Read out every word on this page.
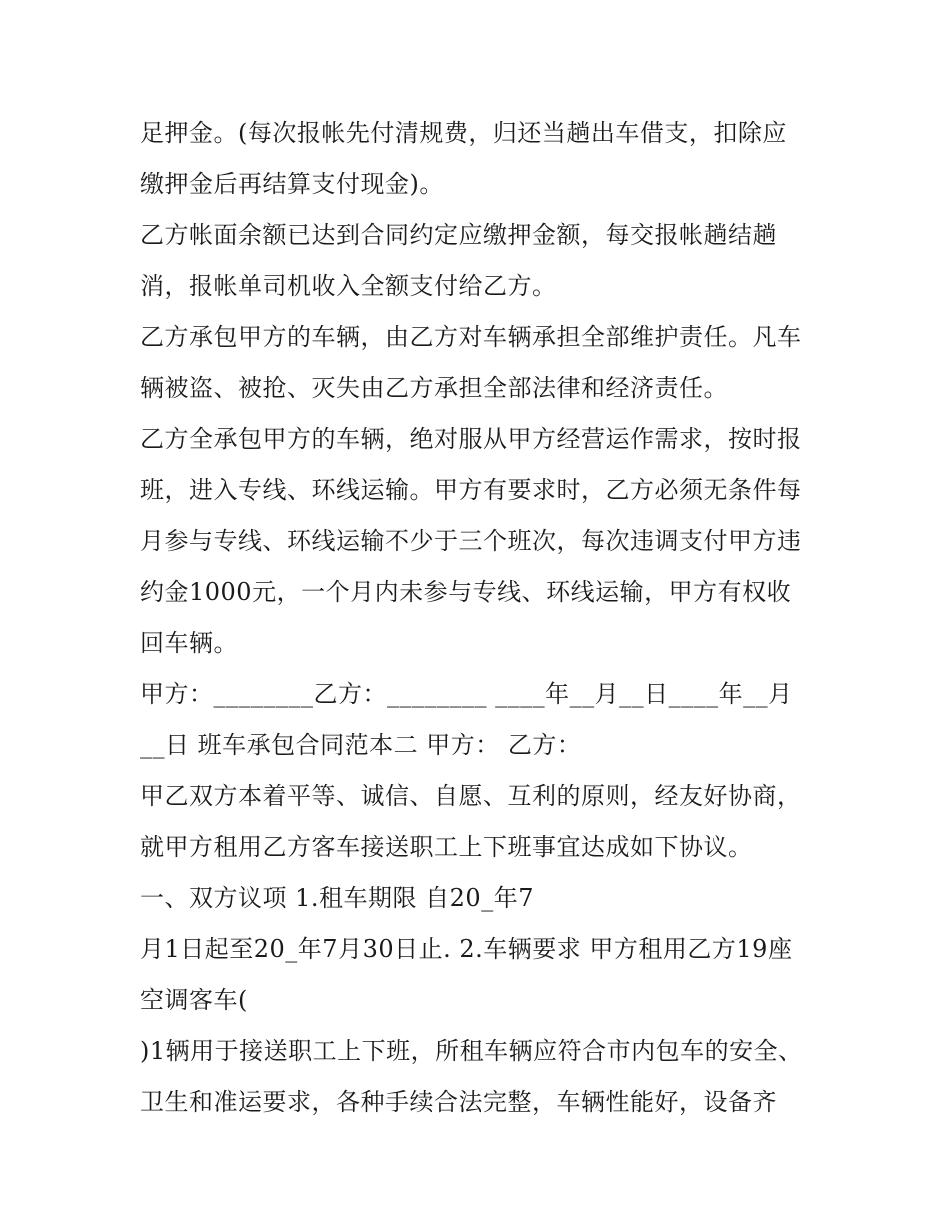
足押金。(每次报帐先付清规费，归还当趟出车借支，扣除应
缴押金后再结算支付现金)。
乙方帐面余额已达到合同约定应缴押金额，每交报帐趟结趟
消，报帐单司机收入全额支付给乙方。
乙方承包甲方的车辆，由乙方对车辆承担全部维护责任。凡车
辆被盗、被抢、灭失由乙方承担全部法律和经济责任。
乙方全承包甲方的车辆，绝对服从甲方经营运作需求，按时报
班，进入专线、环线运输。甲方有要求时，乙方必须无条件每
月参与专线、环线运输不少于三个班次，每次违调支付甲方违
约金1000元，一个月内未参与专线、环线运输，甲方有权收
回车辆。
甲方：________乙方：________ ____年__月__日____年__月
__日 班车承包合同范本二 甲方： 乙方：
甲乙双方本着平等、诚信、自愿、互利的原则，经友好协商，
就甲方租用乙方客车接送职工上下班事宜达成如下协议。
一、双方议项 1.租车期限 自20_年7
月1日起至20_年7月30日止. 2.车辆要求 甲方租用乙方19座
空调客车(
)1辆用于接送职工上下班，所租车辆应符合市内包车的安全、
卫生和准运要求，各种手续合法完整，车辆性能好，设备齐
